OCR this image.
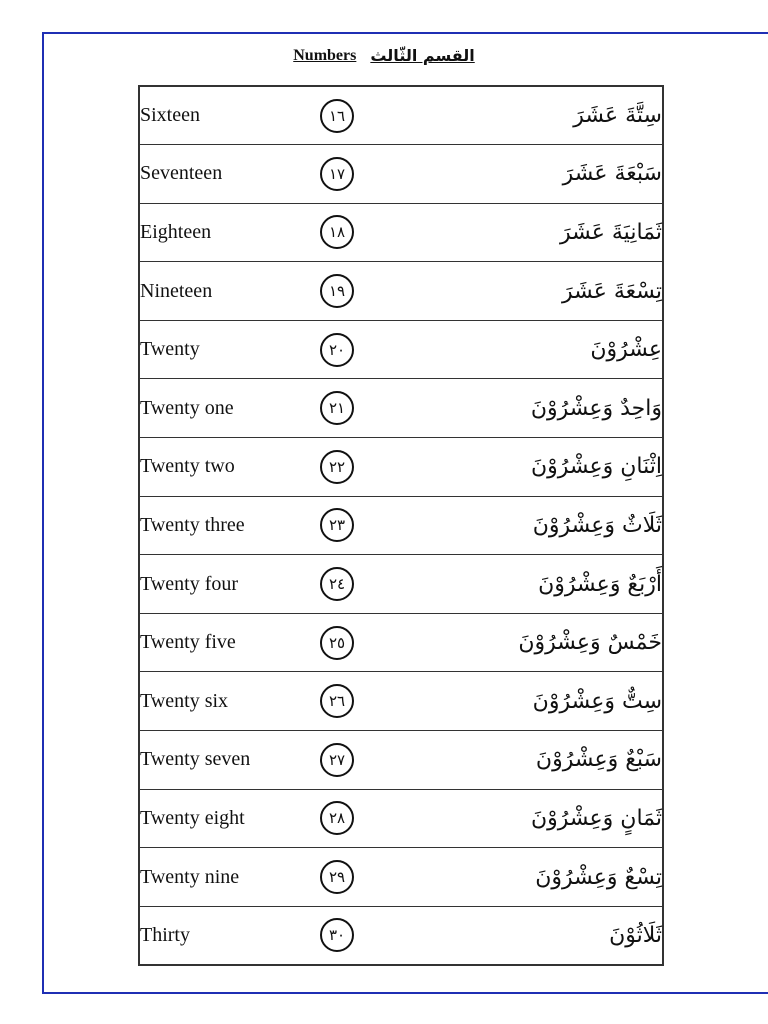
Numbers القسم الثّالث
Sixteen	١٦	سِتَّةَ عَشَرَ
Seventeen	١٧	سَبْعَةَ عَشَرَ
Eighteen	١٨	ثَمَانِيَةَ عَشَرَ
Nineteen	١٩	تِسْعَةَ عَشَرَ
Twenty	٢٠	عِشْرُوْنَ
Twenty one	٢١	وَاحِدٌ وَعِشْرُوْنَ
Twenty two	٢٢	اِثْنَانِ وَعِشْرُوْنَ
Twenty three	٢٣	ثَلَاثٌ وَعِشْرُوْنَ
Twenty four	٢٤	أَرْبَعٌ وَعِشْرُوْنَ
Twenty five	٢٥	خَمْسٌ وَعِشْرُوْنَ
Twenty six	٢٦	سِتٌّ وَعِشْرُوْنَ
Twenty seven	٢٧	سَبْعٌ وَعِشْرُوْنَ
Twenty eight	٢٨	ثَمَانٍ وَعِشْرُوْنَ
Twenty nine	٢٩	تِسْعٌ وَعِشْرُوْنَ
Thirty	٣٠	ثَلَاثُوْنَ
